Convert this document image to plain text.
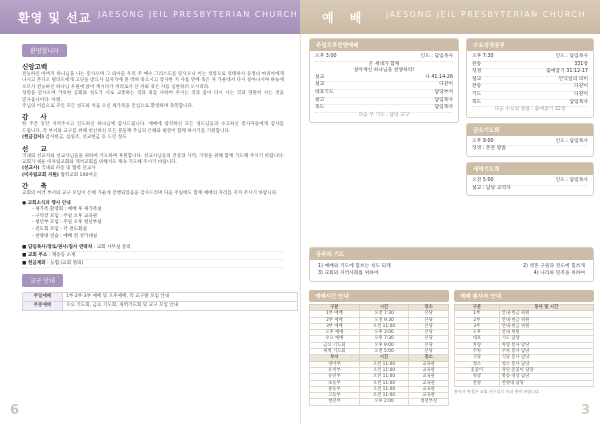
환영 및 선교 JAESONG JEIL PRESBYTERIAN CHURCH 예 배 JAESONG JEIL PRESBYTERIAN CHURCH
환영합니다
신앙고백

전능하신 아버지 하나님을 나는 믿사오며 그 외아들 우리 주 예수 그리스도를 믿사오니 이는 성령으로 잉태하사 동정녀 마리아에게 나시고 본디오 빌라도에게 고난을 받으사 십자가에 못 박혀 죽으시고 장사한 지 사흘 만에 죽은 자 가운데서 다시 살아나시며 하늘에 오르사 전능하신 하나님 우편에 앉아 계시다가 저리로서 산 자와 죽은 자를 심판하러 오시리라.

성령을 믿사오며 거룩한 공회와 성도가 서로 교통하는 것과 죄를 사하여 주시는 것과 몸이 다시 사는 것과 영원히 사는 것을 믿사옵나이다. 아멘.

주님의 이름으로 모인 모든 성도와 처음 오신 새가족을 진심으로 환영하며 축복합니다.

감 사
한 주간 동안 지켜주시고 인도하신 하나님께 감사드립니다. 예배에 참석하신 모든 성도님들과 수고하신 봉사자들에게 감사를 드립니다. 각 부서와 교구를 위해 헌신하신 모든 분들께 주님의 은혜와 평강이 함께 하시기를 기원합니다.
(헌금감사) 감사헌금, 십일조, 선교헌금 등 드린 성도
선 교
국내외 선교지와 선교사님들을 위하여 기도하며 후원합니다. 선교사님들의 건강과 사역, 가정을 위해 함께 기도해 주시기 바랍니다. 교회가 세운 미자립교회와 개척교회를 위해서도 계속 기도해 주시기 바랍니다.
(선교사) 국내외 파송 및 협력 선교사
(미자립교회 지원) 협력교회 100여곳
간 축
교회의 여러 부서와 교구 모임이 은혜 가운데 진행되었음을 감사드리며 다음 주일에도 함께 예배의 자리를 지켜 주시기 바랍니다.
● 교회소식과 행사 안내
- 새가족 환영회 : 예배 후 새가족실
- 구역장 모임 : 주일 오후 교육관
- 청년부 모임 : 주일 오후 청년부실
- 전도회 모임 : 각 전도회실
- 찬양대 연습 : 예배 전 성가대실
■ 담임목사/장로/권사/집사 연락처 : 교회 사무실 문의
■ 교회 주소 : 재송동 소재
■ 헌금계좌 : 농협 (교회 명의)
교구 안내
주일예배	1부·2부·3부 예배 및 오후예배, 각 교구별 모임 안내
주중예배	수요 기도회, 금요 기도회, 새벽기도회 및 교구 모임 안내
6
주일오후찬양예배
오후 3:00	인도 : 담임목사
온 세대가 함께
살아계신 하나님을 찬양하라!
설교	사 41:14-26
설교	다같이
대표기도	담당부서
광고	담임목사
축도	담임목사
다음 주 기도 : 담당 교구
수요성경공부
오후 7:30	인도 : 담임목사
찬송	331장
성경	출애굽기 31:12-17
설교	안식일의 의미
찬송	다같이
기도	다같이
축도	담임목사
다음 수요일 말씀 : 출애굽기 32장
금요기도회
오후 9:00	인도 : 담임목사
성경 : 본문 말씀
새벽기도회
오전 5:00	인도 : 담임목사
설교 : 담당 교역자
공주의 기도
1) 예배와 기도에 힘쓰는 성도 되게	2) 영혼 구원과 전도에 힘쓰게
3) 교회와 지역사회를 위하여	4) 나라와 민족을 위하여
예배시간 안내
구분	시간	장소
1부 예배	오전 7:30	본당
2부 예배	오전 9:30	본당
3부 예배	오전 11:00	본당
오후 예배	오후 3:00	본당
수요 예배	오후 7:30	본당
금요 기도회	오후 9:00	본당
새벽 기도회	오전 5:00	본당
부서	시간	장소
영아부	오전 11:00	교육관
유치부	오전 11:00	교육관
유년부	오전 11:00	교육관
초등부	오전 11:00	교육관
중등부	오전 11:00	교육관
고등부	오전 11:00	교육관
청년부	오후 2:00	청년부실
예배 봉사자 안내
구분	봉사 및 시간
1부	안내·헌금 위원
2부	안내·헌금 위원
3부	안내·헌금 위원
오후	안내 위원
대표	기도 담당
차량	차량 봉사 담당
주차	주차 봉사 담당
식당	식당 봉사 담당
청소	청소 봉사 담당
꽃꽂이	강단 꽃꽂이 담당
영상	방송·영상 담당
찬양	찬양대 담당
봉사자 변경은 교회 사무실로 미리 연락 바랍니다.
3
